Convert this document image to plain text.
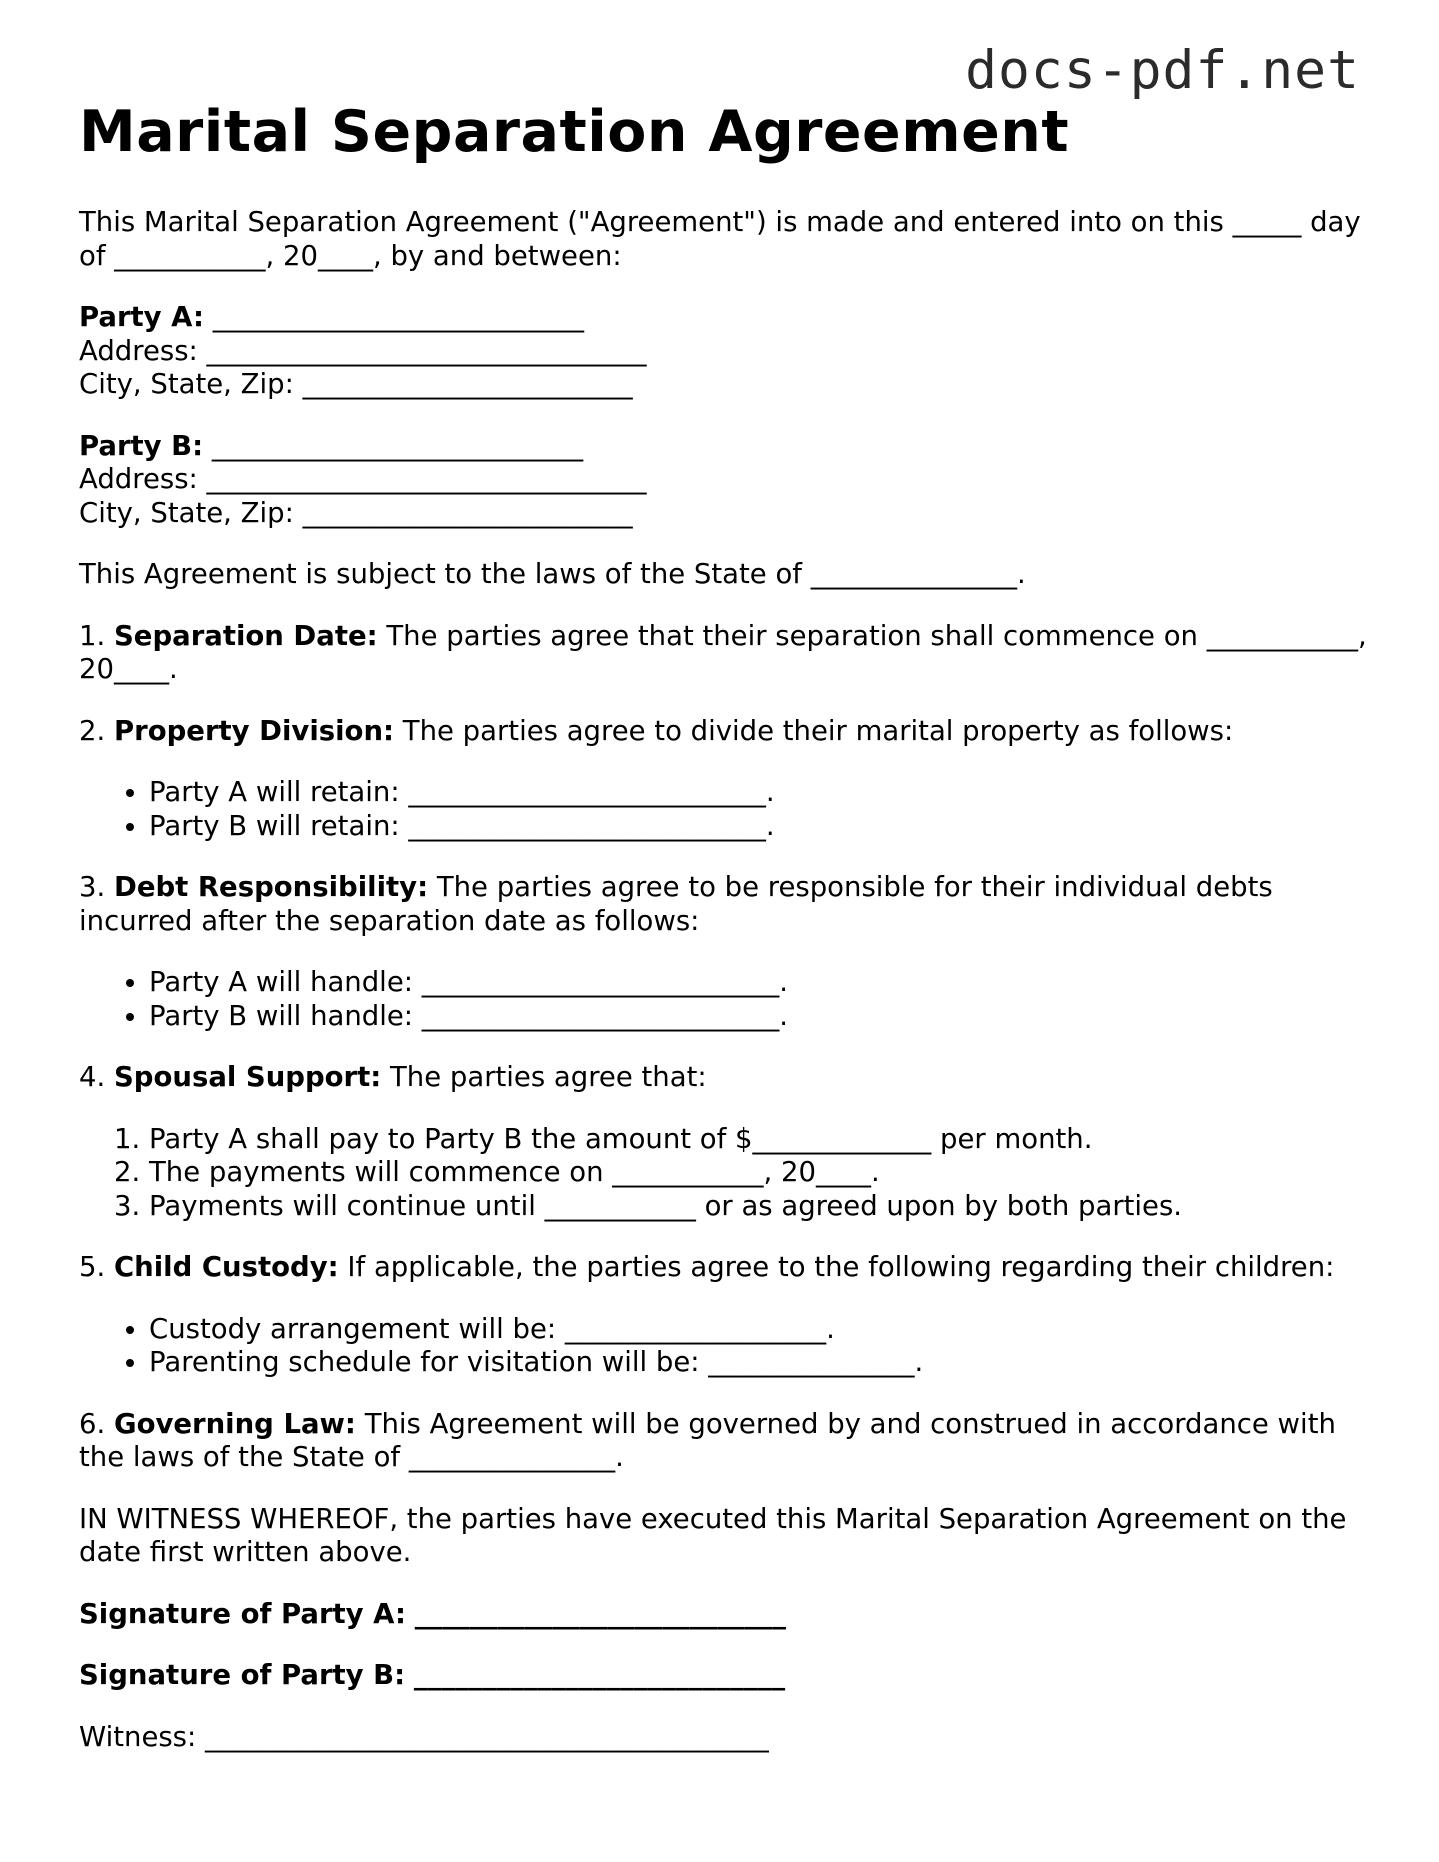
docs-pdf.net
Marital Separation Agreement

This Marital Separation Agreement ("Agreement") is made and entered into on this _____ day of ___________, 20____, by and between:

Party A: ___________________________
Address: ________________________________
City, State, Zip: ________________________

Party B: ___________________________
Address: ________________________________
City, State, Zip: ________________________

This Agreement is subject to the laws of the State of _______________.

1. Separation Date: The parties agree that their separation shall commence on ___________, 20____.

2. Property Division: The parties agree to divide their marital property as follows:

• Party A will retain: __________________________.
• Party B will retain: __________________________.

3. Debt Responsibility: The parties agree to be responsible for their individual debts incurred after the separation date as follows:

• Party A will handle: __________________________.
• Party B will handle: __________________________.

4. Spousal Support: The parties agree that:

1. Party A shall pay to Party B the amount of $_____________ per month.
2. The payments will commence on ___________, 20____.
3. Payments will continue until ___________ or as agreed upon by both parties.

5. Child Custody: If applicable, the parties agree to the following regarding their children:

• Custody arrangement will be: ___________________.
• Parenting schedule for visitation will be: _______________.

6. Governing Law: This Agreement will be governed by and construed in accordance with the laws of the State of _______________.

IN WITNESS WHEREOF, the parties have executed this Marital Separation Agreement on the date first written above.

Signature of Party A: ___________________________

Signature of Party B: ___________________________

Witness: _________________________________________
